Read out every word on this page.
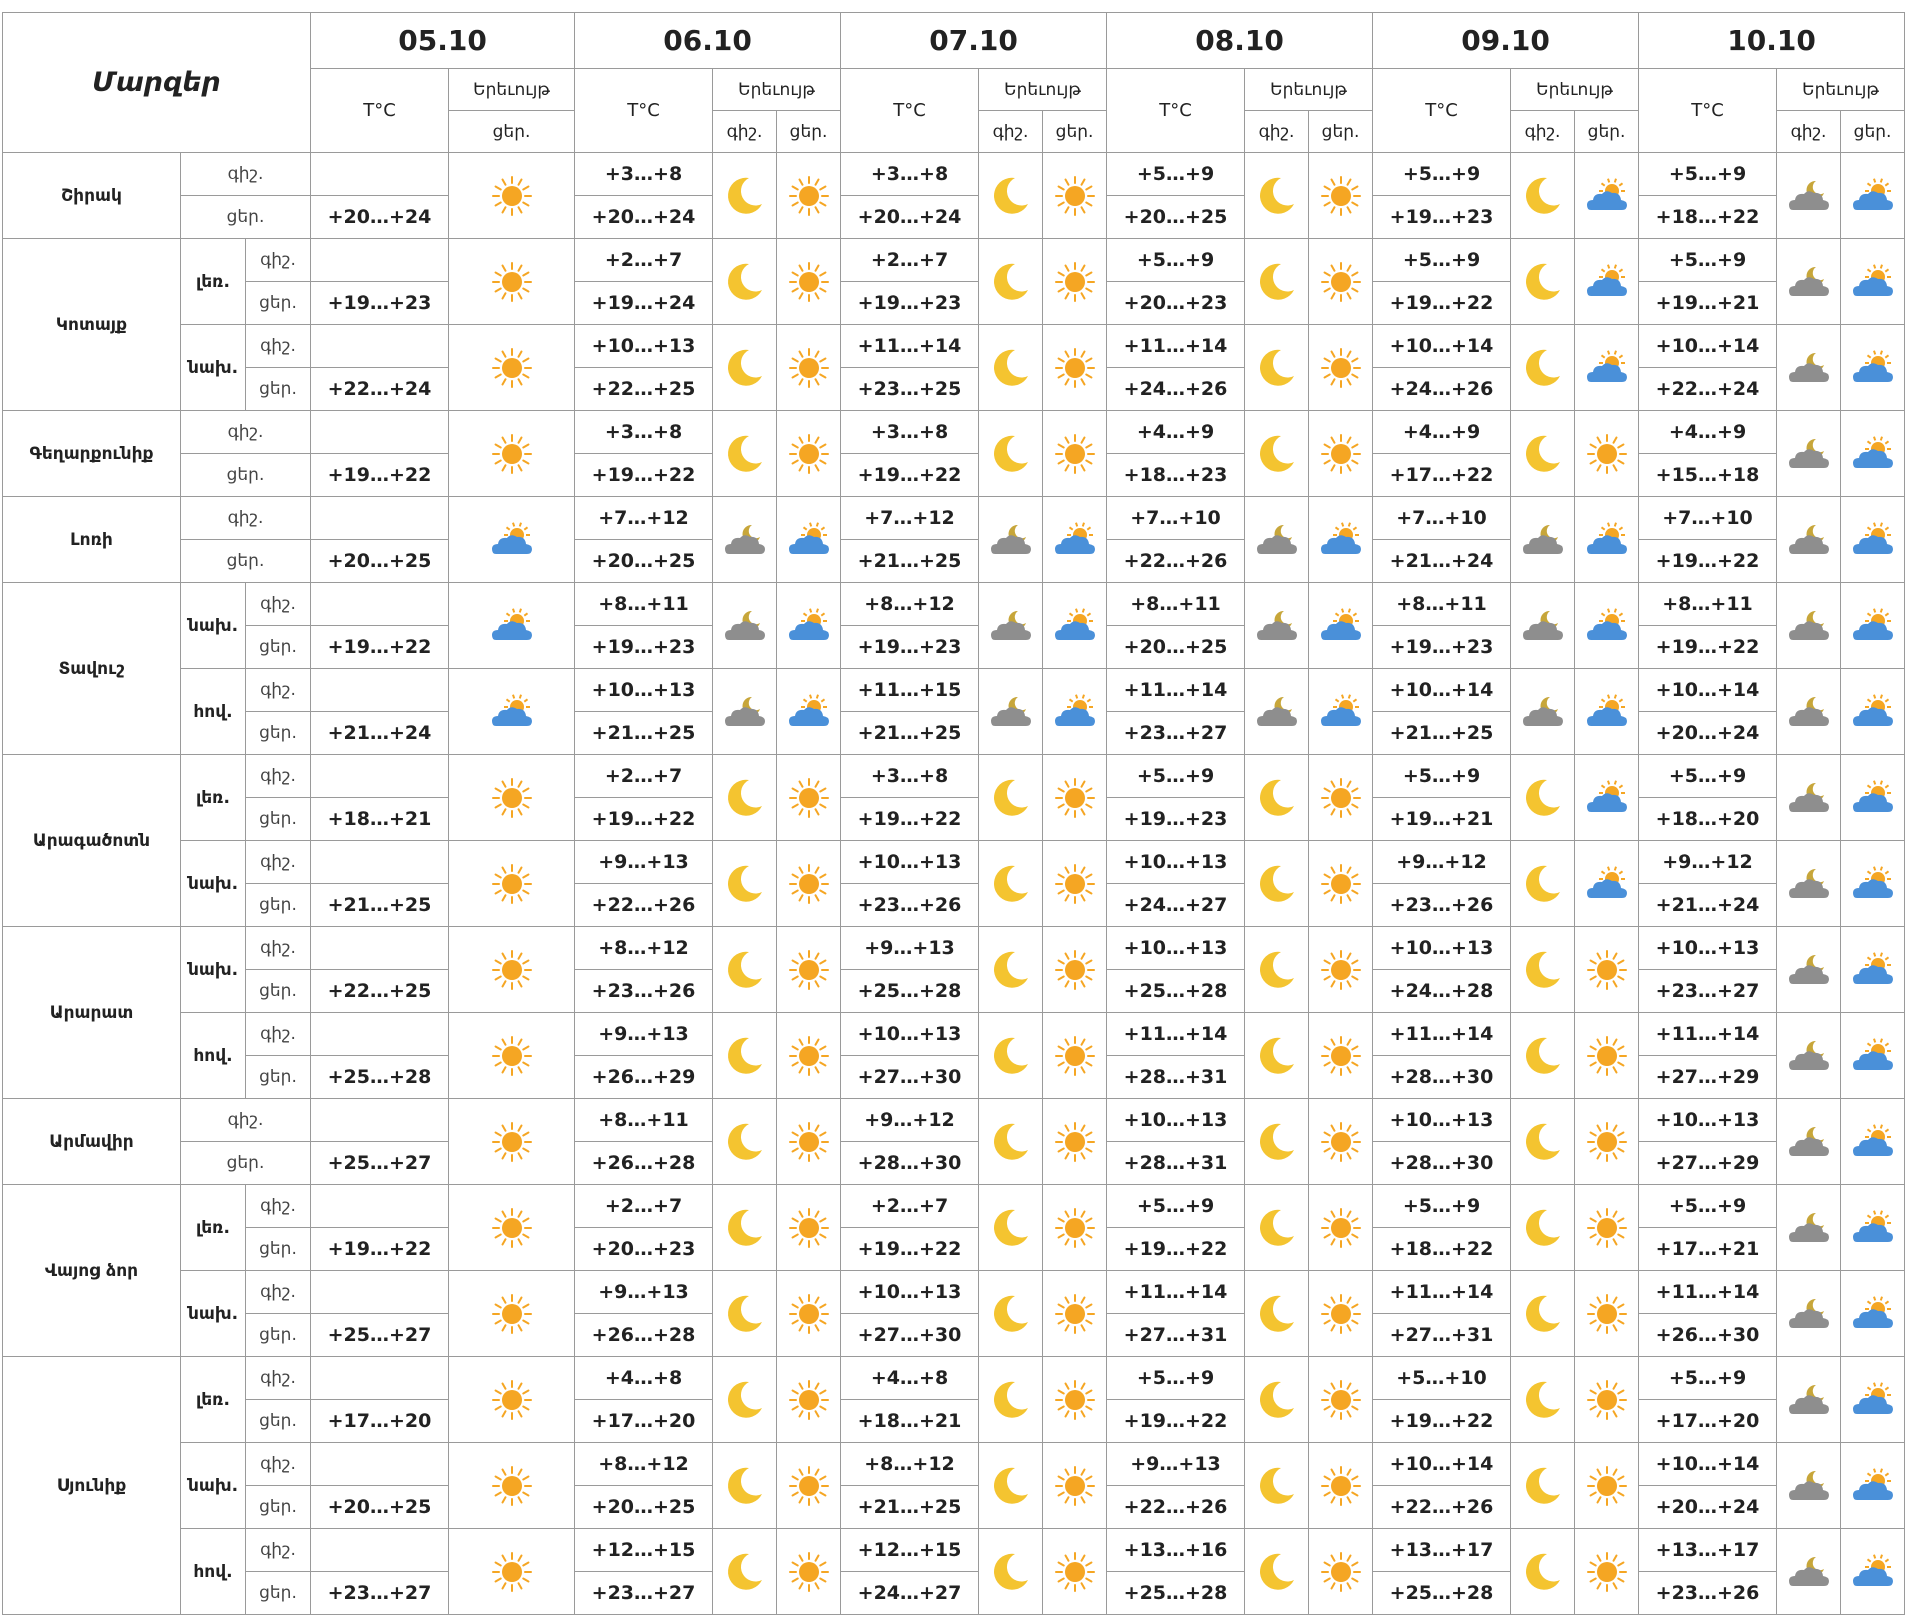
Մարզեր			05.10		06.10			07.10			08.10			09.10			10.10		
			T°C	Երեւույթ	T°C	Երեւույթ		T°C	Երեւույթ		T°C	Երեւույթ		T°C	Երեւույթ		T°C	Երեւույթ	
				ցեր.		գիշ.	ցեր.		գիշ.	ցեր.		գիշ.	ցեր.		գիշ.	ցեր.		գիշ.	ցեր.
Շիրակ	գիշ.				+3…+8			+3…+8			+5…+9			+5…+9			+5…+9	

	ցեր.		+20…+24		+20…+24			+20…+24			+20…+25			+19…+23			+18…+22		
Կոտայք	լեռ.	գիշ.			+2…+7			+2…+7			+5…+9			+5…+9			+5…+9	

		ցեր.	+19…+23		+19…+24			+19…+23			+20…+23			+19…+22			+19…+21		
	նախ.	գիշ.			+10…+13			+11…+14			+11…+14			+10…+14			+10…+14	

		ցեր.	+22…+24		+22…+25			+23…+25			+24…+26			+24…+26			+22…+24		
Գեղարքունիք	գիշ.				+3…+8			+3…+8			+4…+9			+4…+9			+4…+9	

	ցեր.		+19…+22		+19…+22			+19…+22			+18…+23			+17…+22			+15…+18		
Լոռի	գիշ.				+7…+12			+7…+12			+7…+10			+7…+10			+7…+10	

	ցեր.		+20…+25		+20…+25			+21…+25			+22…+26			+21…+24			+19…+22		
Տավուշ	նախ.	գիշ.			+8…+11			+8…+12			+8…+11			+8…+11			+8…+11	

		ցեր.	+19…+22		+19…+23			+19…+23			+20…+25			+19…+23			+19…+22		
	հով.	գիշ.			+10…+13			+11…+15			+11…+14			+10…+14			+10…+14	

		ցեր.	+21…+24		+21…+25			+21…+25			+23…+27			+21…+25			+20…+24		
Արագածոտն	լեռ.	գիշ.			+2…+7			+3…+8			+5…+9			+5…+9			+5…+9	

		ցեր.	+18…+21		+19…+22			+19…+22			+19…+23			+19…+21			+18…+20		
	նախ.	գիշ.			+9…+13			+10…+13			+10…+13			+9…+12			+9…+12	

		ցեր.	+21…+25		+22…+26			+23…+26			+24…+27			+23…+26			+21…+24		
Արարատ	նախ.	գիշ.			+8…+12			+9…+13			+10…+13			+10…+13			+10…+13	

		ցեր.	+22…+25		+23…+26			+25…+28			+25…+28			+24…+28			+23…+27		
	հով.	գիշ.			+9…+13			+10…+13			+11…+14			+11…+14			+11…+14	

		ցեր.	+25…+28		+26…+29			+27…+30			+28…+31			+28…+30			+27…+29		
Արմավիր	գիշ.				+8…+11			+9…+12			+10…+13			+10…+13			+10…+13	

	ցեր.		+25…+27		+26…+28			+28…+30			+28…+31			+28…+30			+27…+29		
Վայոց ձոր	լեռ.	գիշ.			+2…+7			+2…+7			+5…+9			+5…+9			+5…+9	

		ցեր.	+19…+22		+20…+23			+19…+22			+19…+22			+18…+22			+17…+21		
	նախ.	գիշ.			+9…+13			+10…+13			+11…+14			+11…+14			+11…+14	

		ցեր.	+25…+27		+26…+28			+27…+30			+27…+31			+27…+31			+26…+30		
Սյունիք	լեռ.	գիշ.			+4…+8			+4…+8			+5…+9			+5…+10			+5…+9	

		ցեր.	+17…+20		+17…+20			+18…+21			+19…+22			+19…+22			+17…+20		
	նախ.	գիշ.			+8…+12			+8…+12			+9…+13			+10…+14			+10…+14	

		ցեր.	+20…+25		+20…+25			+21…+25			+22…+26			+22…+26			+20…+24		
	հով.	գիշ.			+12…+15			+12…+15			+13…+16			+13…+17			+13…+17	

		ցեր.	+23…+27		+23…+27			+24…+27			+25…+28			+25…+28			+23…+26		
